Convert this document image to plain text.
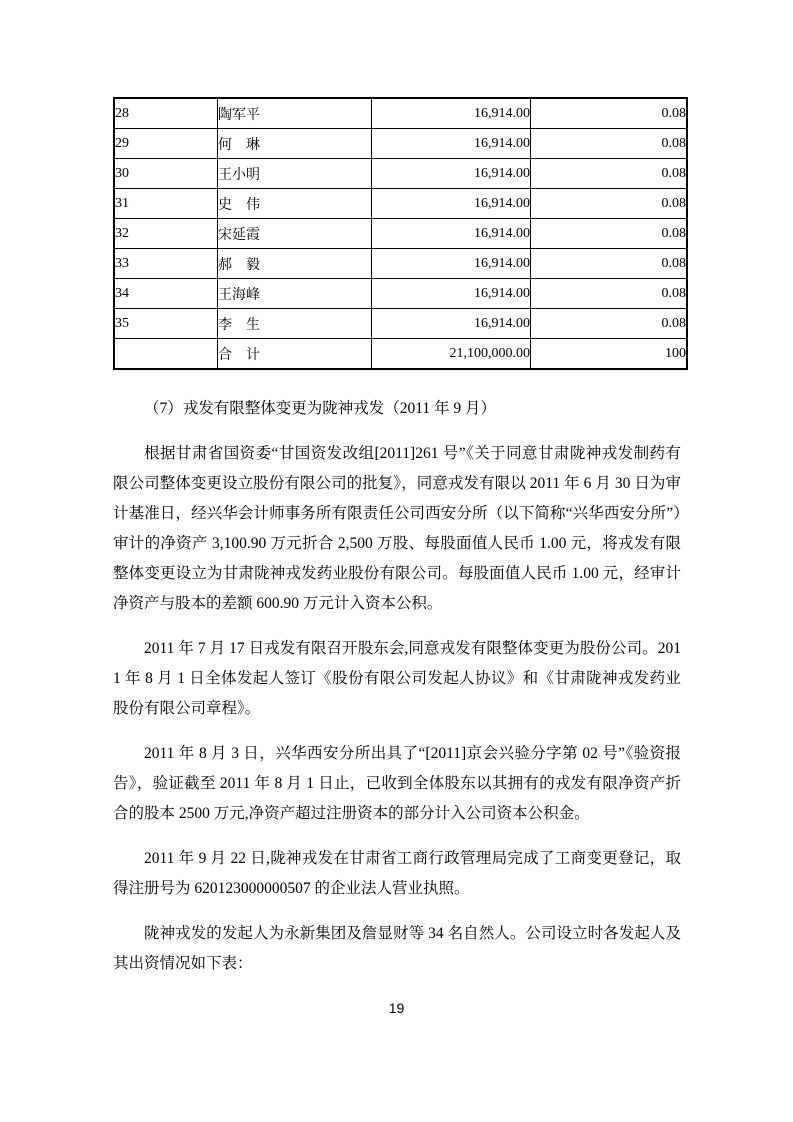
28	陶军平	16,914.00	0.08
29	何　琳	16,914.00	0.08
30	王小明	16,914.00	0.08
31	史　伟	16,914.00	0.08
32	宋延霞	16,914.00	0.08
33	郝　毅	16,914.00	0.08
34	王海峰	16,914.00	0.08
35	李　生	16,914.00	0.08
	合　计	21,100,000.00	100
（7）戎发有限整体变更为陇神戎发（2011 年 9 月）

根据甘肃省国资委“甘国资发改组[2011]261 号”《关于同意甘肃陇神戎发制药有限公司整体变更设立股份有限公司的批复》，同意戎发有限以 2011 年 6 月 30 日为审计基准日，经兴华会计师事务所有限责任公司西安分所（以下简称“兴华西安分所”）审计的净资产 3,100.90 万元折合 2,500 万股、每股面值人民币 1.00 元，将戎发有限整体变更设立为甘肃陇神戎发药业股份有限公司。每股面值人民币 1.00 元，经审计净资产与股本的差额 600.90 万元计入资本公积。

2011 年 7 月 17 日戎发有限召开股东会,同意戎发有限整体变更为股份公司。2011 年 8 月 1 日全体发起人签订《股份有限公司发起人协议》和《甘肃陇神戎发药业股份有限公司章程》。

2011 年 8 月 3 日，兴华西安分所出具了“[2011]京会兴验分字第 02 号”《验资报告》，验证截至 2011 年 8 月 1 日止，已收到全体股东以其拥有的戎发有限净资产折合的股本 2500 万元,净资产超过注册资本的部分计入公司资本公积金。

2011 年 9 月 22 日,陇神戎发在甘肃省工商行政管理局完成了工商变更登记，取得注册号为 620123000000507 的企业法人营业执照。

陇神戎发的发起人为永新集团及詹显财等 34 名自然人。公司设立时各发起人及其出资情况如下表：

19
